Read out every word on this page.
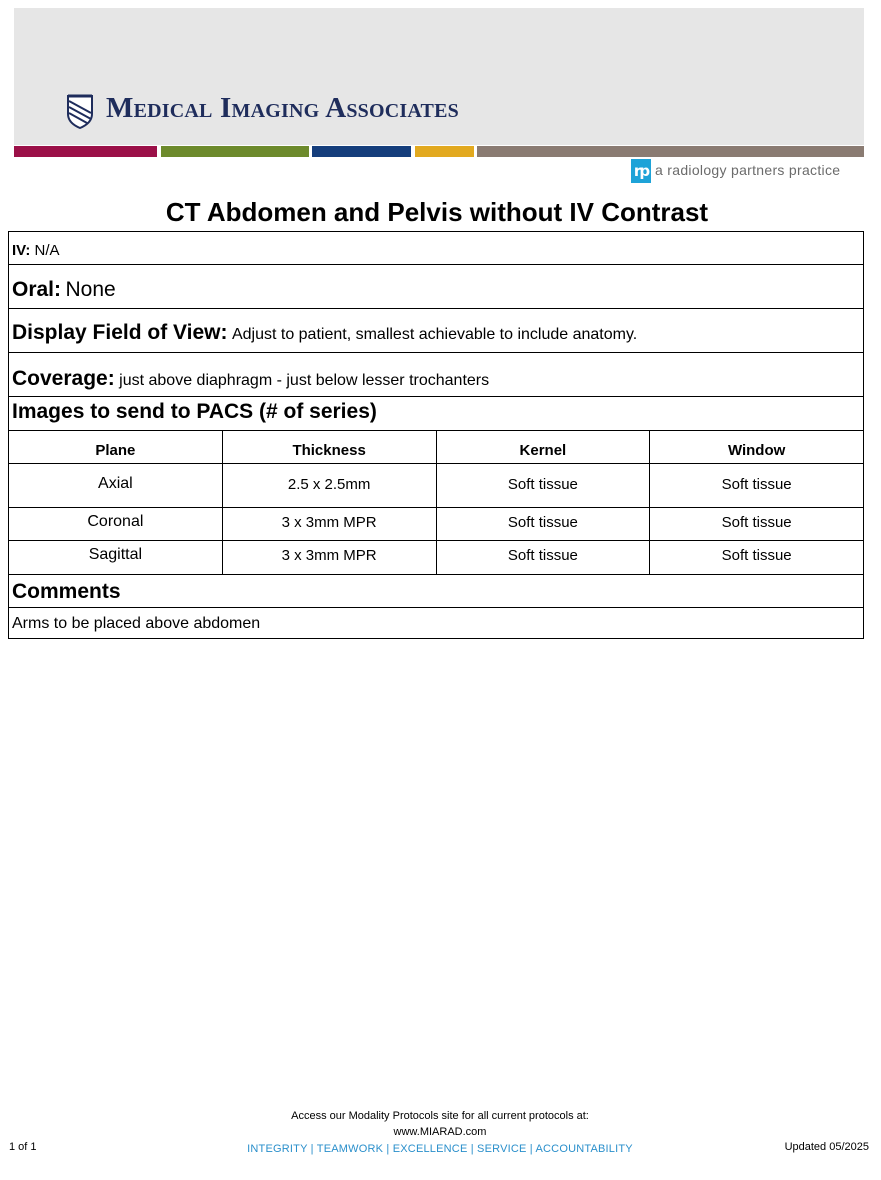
Medical Imaging Associates
rp a radiology partners practice
CT Abdomen and Pelvis without IV Contrast
IV: N/A
Oral: None
Display Field of View: Adjust to patient, smallest achievable to include anatomy.
Coverage: just above diaphragm - just below lesser trochanters
Images to send to PACS (# of series)
Plane	Thickness	Kernel	Window
Axial	2.5 x 2.5mm	Soft tissue	Soft tissue
Coronal	3 x 3mm MPR	Soft tissue	Soft tissue
Sagittal	3 x 3mm MPR	Soft tissue	Soft tissue
Comments
Arms to be placed above abdomen
Access our Modality Protocols site for all current protocols at:
www.MIARAD.com
INTEGRITY | TEAMWORK | EXCELLENCE | SERVICE | ACCOUNTABILITY
1 of 1	Updated 05/2025
